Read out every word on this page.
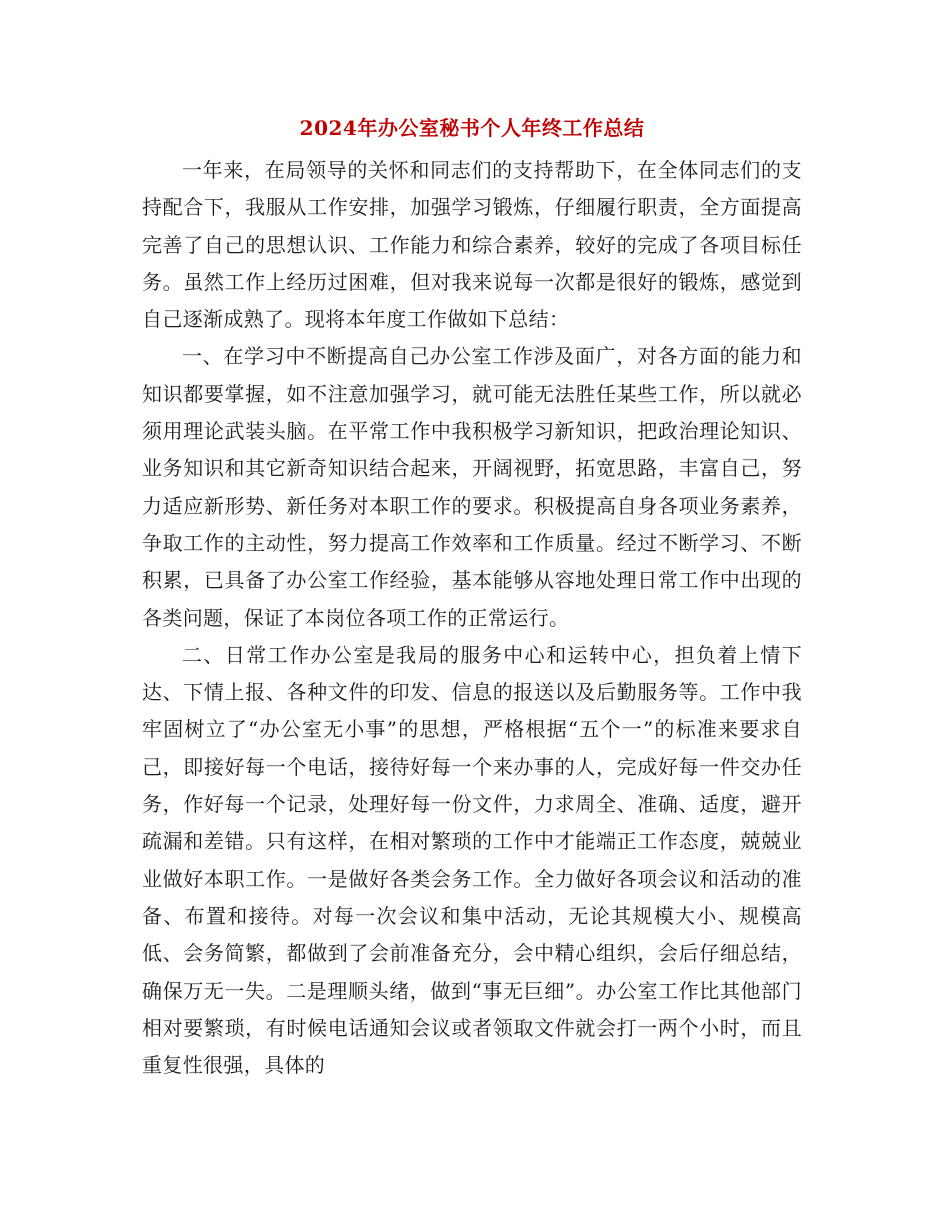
2024年办公室秘书个人年终工作总结

一年来，在局领导的关怀和同志们的支持帮助下，在全体同志们的支持配合下，我服从工作安排，加强学习锻炼，仔细履行职责，全方面提高完善了自己的思想认识、工作能力和综合素养，较好的完成了各项目标任务。虽然工作上经历过困难，但对我来说每一次都是很好的锻炼，感觉到自己逐渐成熟了。现将本年度工作做如下总结：

一、在学习中不断提高自己办公室工作涉及面广，对各方面的能力和知识都要掌握，如不注意加强学习，就可能无法胜任某些工作，所以就必须用理论武装头脑。在平常工作中我积极学习新知识，把政治理论知识、业务知识和其它新奇知识结合起来，开阔视野，拓宽思路，丰富自己，努力适应新形势、新任务对本职工作的要求。积极提高自身各项业务素养，争取工作的主动性，努力提高工作效率和工作质量。经过不断学习、不断积累，已具备了办公室工作经验，基本能够从容地处理日常工作中出现的各类问题，保证了本岗位各项工作的正常运行。

二、日常工作办公室是我局的服务中心和运转中心，担负着上情下达、下情上报、各种文件的印发、信息的报送以及后勤服务等。工作中我牢固树立了“办公室无小事”的思想，严格根据“五个一”的标准来要求自己，即接好每一个电话，接待好每一个来办事的人，完成好每一件交办任务，作好每一个记录，处理好每一份文件，力求周全、准确、适度，避开疏漏和差错。只有这样，在相对繁琐的工作中才能端正工作态度，兢兢业业做好本职工作。一是做好各类会务工作。全力做好各项会议和活动的准备、布置和接待。对每一次会议和集中活动，无论其规模大小、规模高低、会务简繁，都做到了会前准备充分，会中精心组织，会后仔细总结，确保万无一失。二是理顺头绪，做到“事无巨细”。办公室工作比其他部门相对要繁琐，有时候电话通知会议或者领取文件就会打一两个小时，而且重复性很强，具体的
